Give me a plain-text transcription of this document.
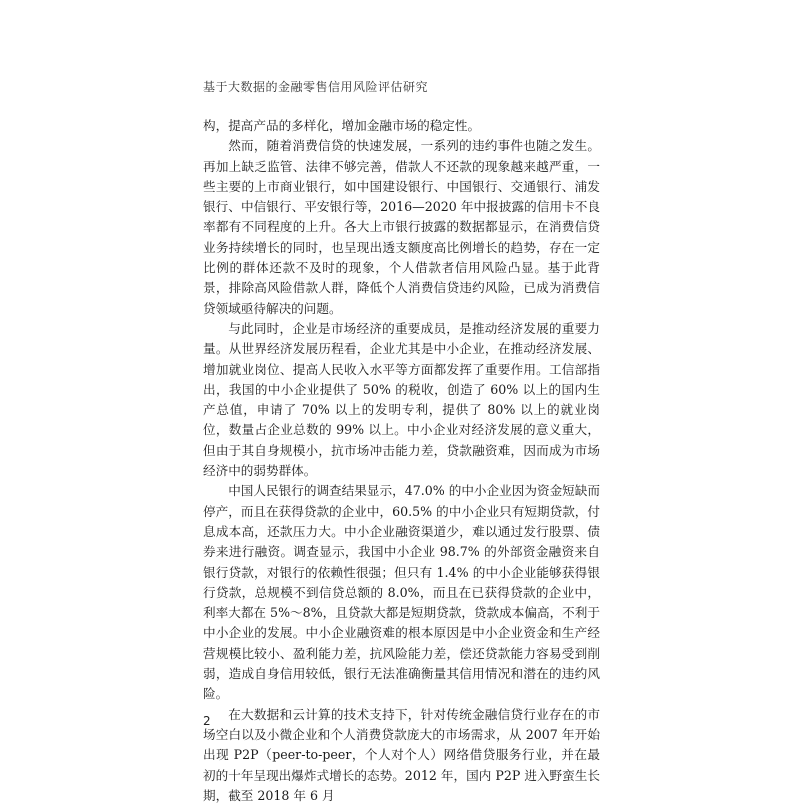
基于大数据的金融零售信用风险评估研究

构，提高产品的多样化，增加金融市场的稳定性。

然而，随着消费信贷的快速发展，一系列的违约事件也随之发生。再加上缺乏监管、法律不够完善，借款人不还款的现象越来越严重，一些主要的上市商业银行，如中国建设银行、中国银行、交通银行、浦发银行、中信银行、平安银行等，2016—2020 年中报披露的信用卡不良率都有不同程度的上升。各大上市银行披露的数据都显示，在消费信贷业务持续增长的同时，也呈现出透支额度高比例增长的趋势，存在一定比例的群体还款不及时的现象，个人借款者信用风险凸显。基于此背景，排除高风险借款人群，降低个人消费信贷违约风险，已成为消费信贷领域亟待解决的问题。

与此同时，企业是市场经济的重要成员，是推动经济发展的重要力量。从世界经济发展历程看，企业尤其是中小企业，在推动经济发展、增加就业岗位、提高人民收入水平等方面都发挥了重要作用。工信部指出，我国的中小企业提供了 50% 的税收，创造了 60% 以上的国内生产总值，申请了 70% 以上的发明专利，提供了 80% 以上的就业岗位，数量占企业总数的 99% 以上。中小企业对经济发展的意义重大，但由于其自身规模小，抗市场冲击能力差，贷款融资难，因而成为市场经济中的弱势群体。

中国人民银行的调查结果显示，47.0% 的中小企业因为资金短缺而停产，而且在获得贷款的企业中，60.5% 的中小企业只有短期贷款，付息成本高，还款压力大。中小企业融资渠道少，难以通过发行股票、债券来进行融资。调查显示，我国中小企业 98.7% 的外部资金融资来自银行贷款，对银行的依赖性很强；但只有 1.4% 的中小企业能够获得银行贷款，总规模不到信贷总额的 8.0%，而且在已获得贷款的企业中，利率大都在 5%～8%，且贷款大都是短期贷款，贷款成本偏高，不利于中小企业的发展。中小企业融资难的根本原因是中小企业资金和生产经营规模比较小、盈利能力差，抗风险能力差，偿还贷款能力容易受到削弱，造成自身信用较低，银行无法准确衡量其信用情况和潜在的违约风险。

在大数据和云计算的技术支持下，针对传统金融信贷行业存在的市场空白以及小微企业和个人消费贷款庞大的市场需求，从 2007 年开始出现 P2P（peer-to-peer，个人对个人）网络借贷服务行业，并在最初的十年呈现出爆炸式增长的态势。2012 年，国内 P2P 进入野蛮生长期，截至 2018 年 6 月

2
